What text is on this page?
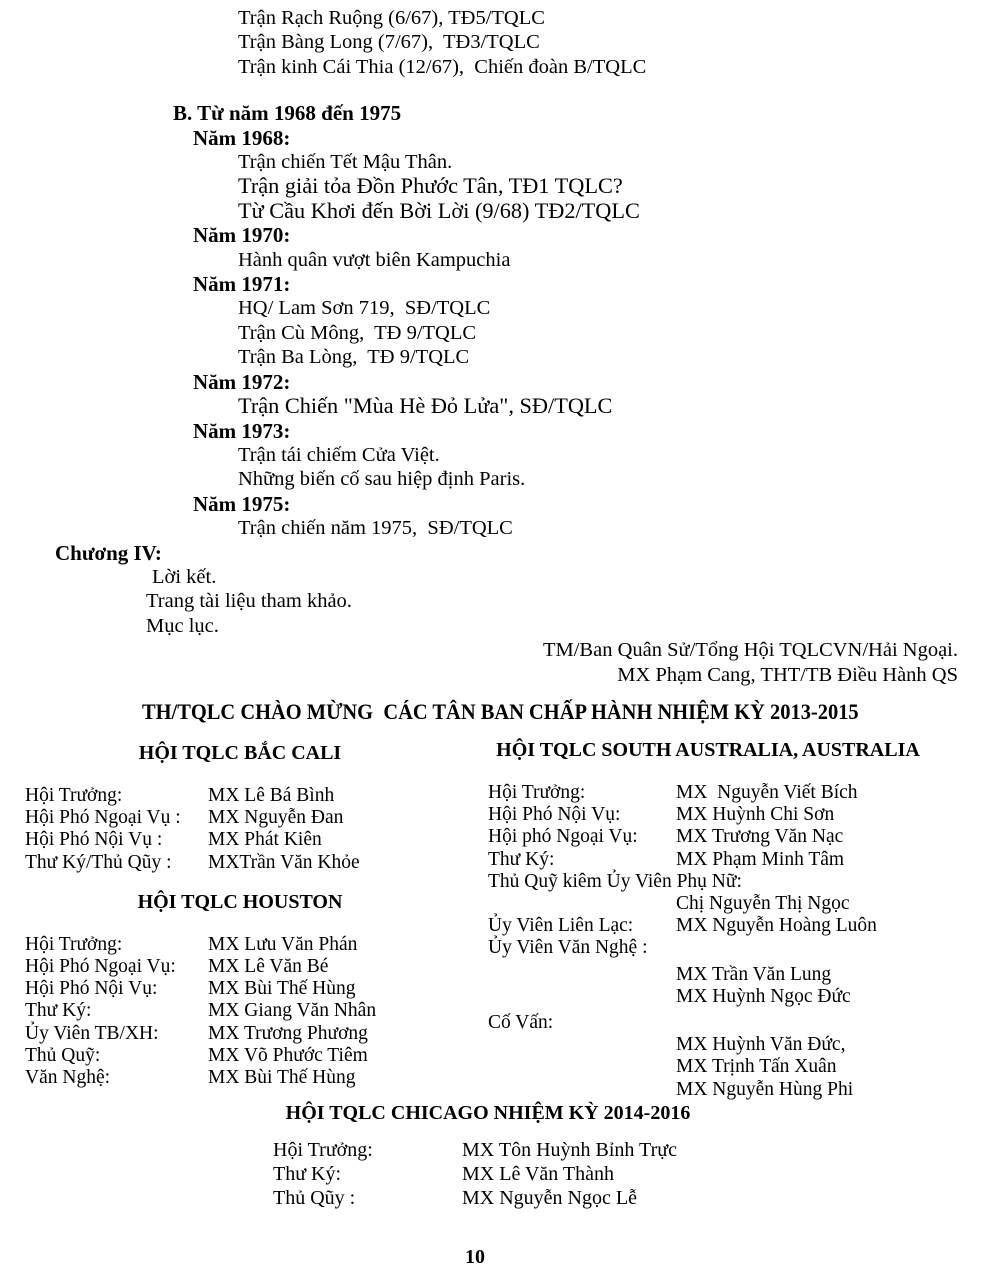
Trận Rạch Ruộng (6/67), TĐ5/TQLC
Trận Bàng Long (7/67),  TĐ3/TQLC
Trận kinh Cái Thia (12/67),  Chiến đoàn B/TQLC
B. Từ năm 1968 đến 1975
Năm 1968:
Trận chiến Tết Mậu Thân.
Trận giải tỏa Đồn Phước Tân, TĐ1 TQLC?
Từ Cầu Khơi đến Bời Lời (9/68) TĐ2/TQLC
Năm 1970:
Hành quân vượt biên Kampuchia
Năm 1971:
HQ/ Lam Sơn 719,  SĐ/TQLC
Trận Cù Mông,  TĐ 9/TQLC
Trận Ba Lòng,  TĐ 9/TQLC
Năm 1972:
Trận Chiến "Mùa Hè Đỏ Lửa", SĐ/TQLC
Năm 1973:
Trận tái chiếm Cửa Việt.
Những biến cố sau hiệp định Paris.
Năm 1975:
Trận chiến năm 1975,  SĐ/TQLC
Chương IV:
Lời kết.
Trang tài liệu tham khảo.
Mục lục.
TM/Ban Quân Sử/Tổng Hội TQLCVN/Hải Ngoại.
MX Phạm Cang, THT/TB Điều Hành QS
TH/TQLC CHÀO MỪNG  CÁC TÂN BAN CHẤP HÀNH NHIỆM KỲ 2013-2015
HỘI TQLC BẮC CALI
Hội Trưởng:	MX Lê Bá Bình
Hội Phó Ngoại Vụ :	MX Nguyễn Đan
Hội Phó Nội Vụ :	MX Phát Kiên
Thư Ký/Thủ Qũy :	MXTrần Văn Khỏe
HỘI TQLC HOUSTON
Hội Trưởng:	MX Lưu Văn Phán
Hội Phó Ngoại Vụ:	MX Lê Văn Bé
Hội Phó Nội Vụ:	MX Bùi Thế Hùng
Thư Ký:	MX Giang Văn Nhân
Ủy Viên TB/XH:	MX Trương Phương
Thủ Quỹ:	MX Võ Phước Tiêm
Văn Nghệ:	MX Bùi Thế Hùng
HỘI TQLC SOUTH AUSTRALIA, AUSTRALIA
Hội Trưởng:	MX  Nguyễn Viết Bích
Hội Phó Nội Vụ:	MX Huỳnh Chi Sơn
Hội phó Ngoại Vụ:	MX Trương Văn Nạc
Thư Ký:	MX Phạm Minh Tâm
Thủ Quỹ kiêm Ủy Viên Phụ Nữ:
Chị Nguyễn Thị Ngọc
Ủy Viên Liên Lạc:	MX Nguyễn Hoàng Luôn
Ủy Viên Văn Nghệ :
MX Trần Văn Lung
MX Huỳnh Ngọc Đức
Cố Vấn:
MX Huỳnh Văn Đức,
MX Trịnh Tấn Xuân
MX Nguyễn Hùng Phi
HỘI TQLC CHICAGO NHIỆM KỲ 2014-2016
Hội Trưởng:	MX Tôn Huỳnh Bỉnh Trực
Thư Ký:	MX Lê Văn Thành
Thủ Qũy :	MX Nguyễn Ngọc Lễ
10
